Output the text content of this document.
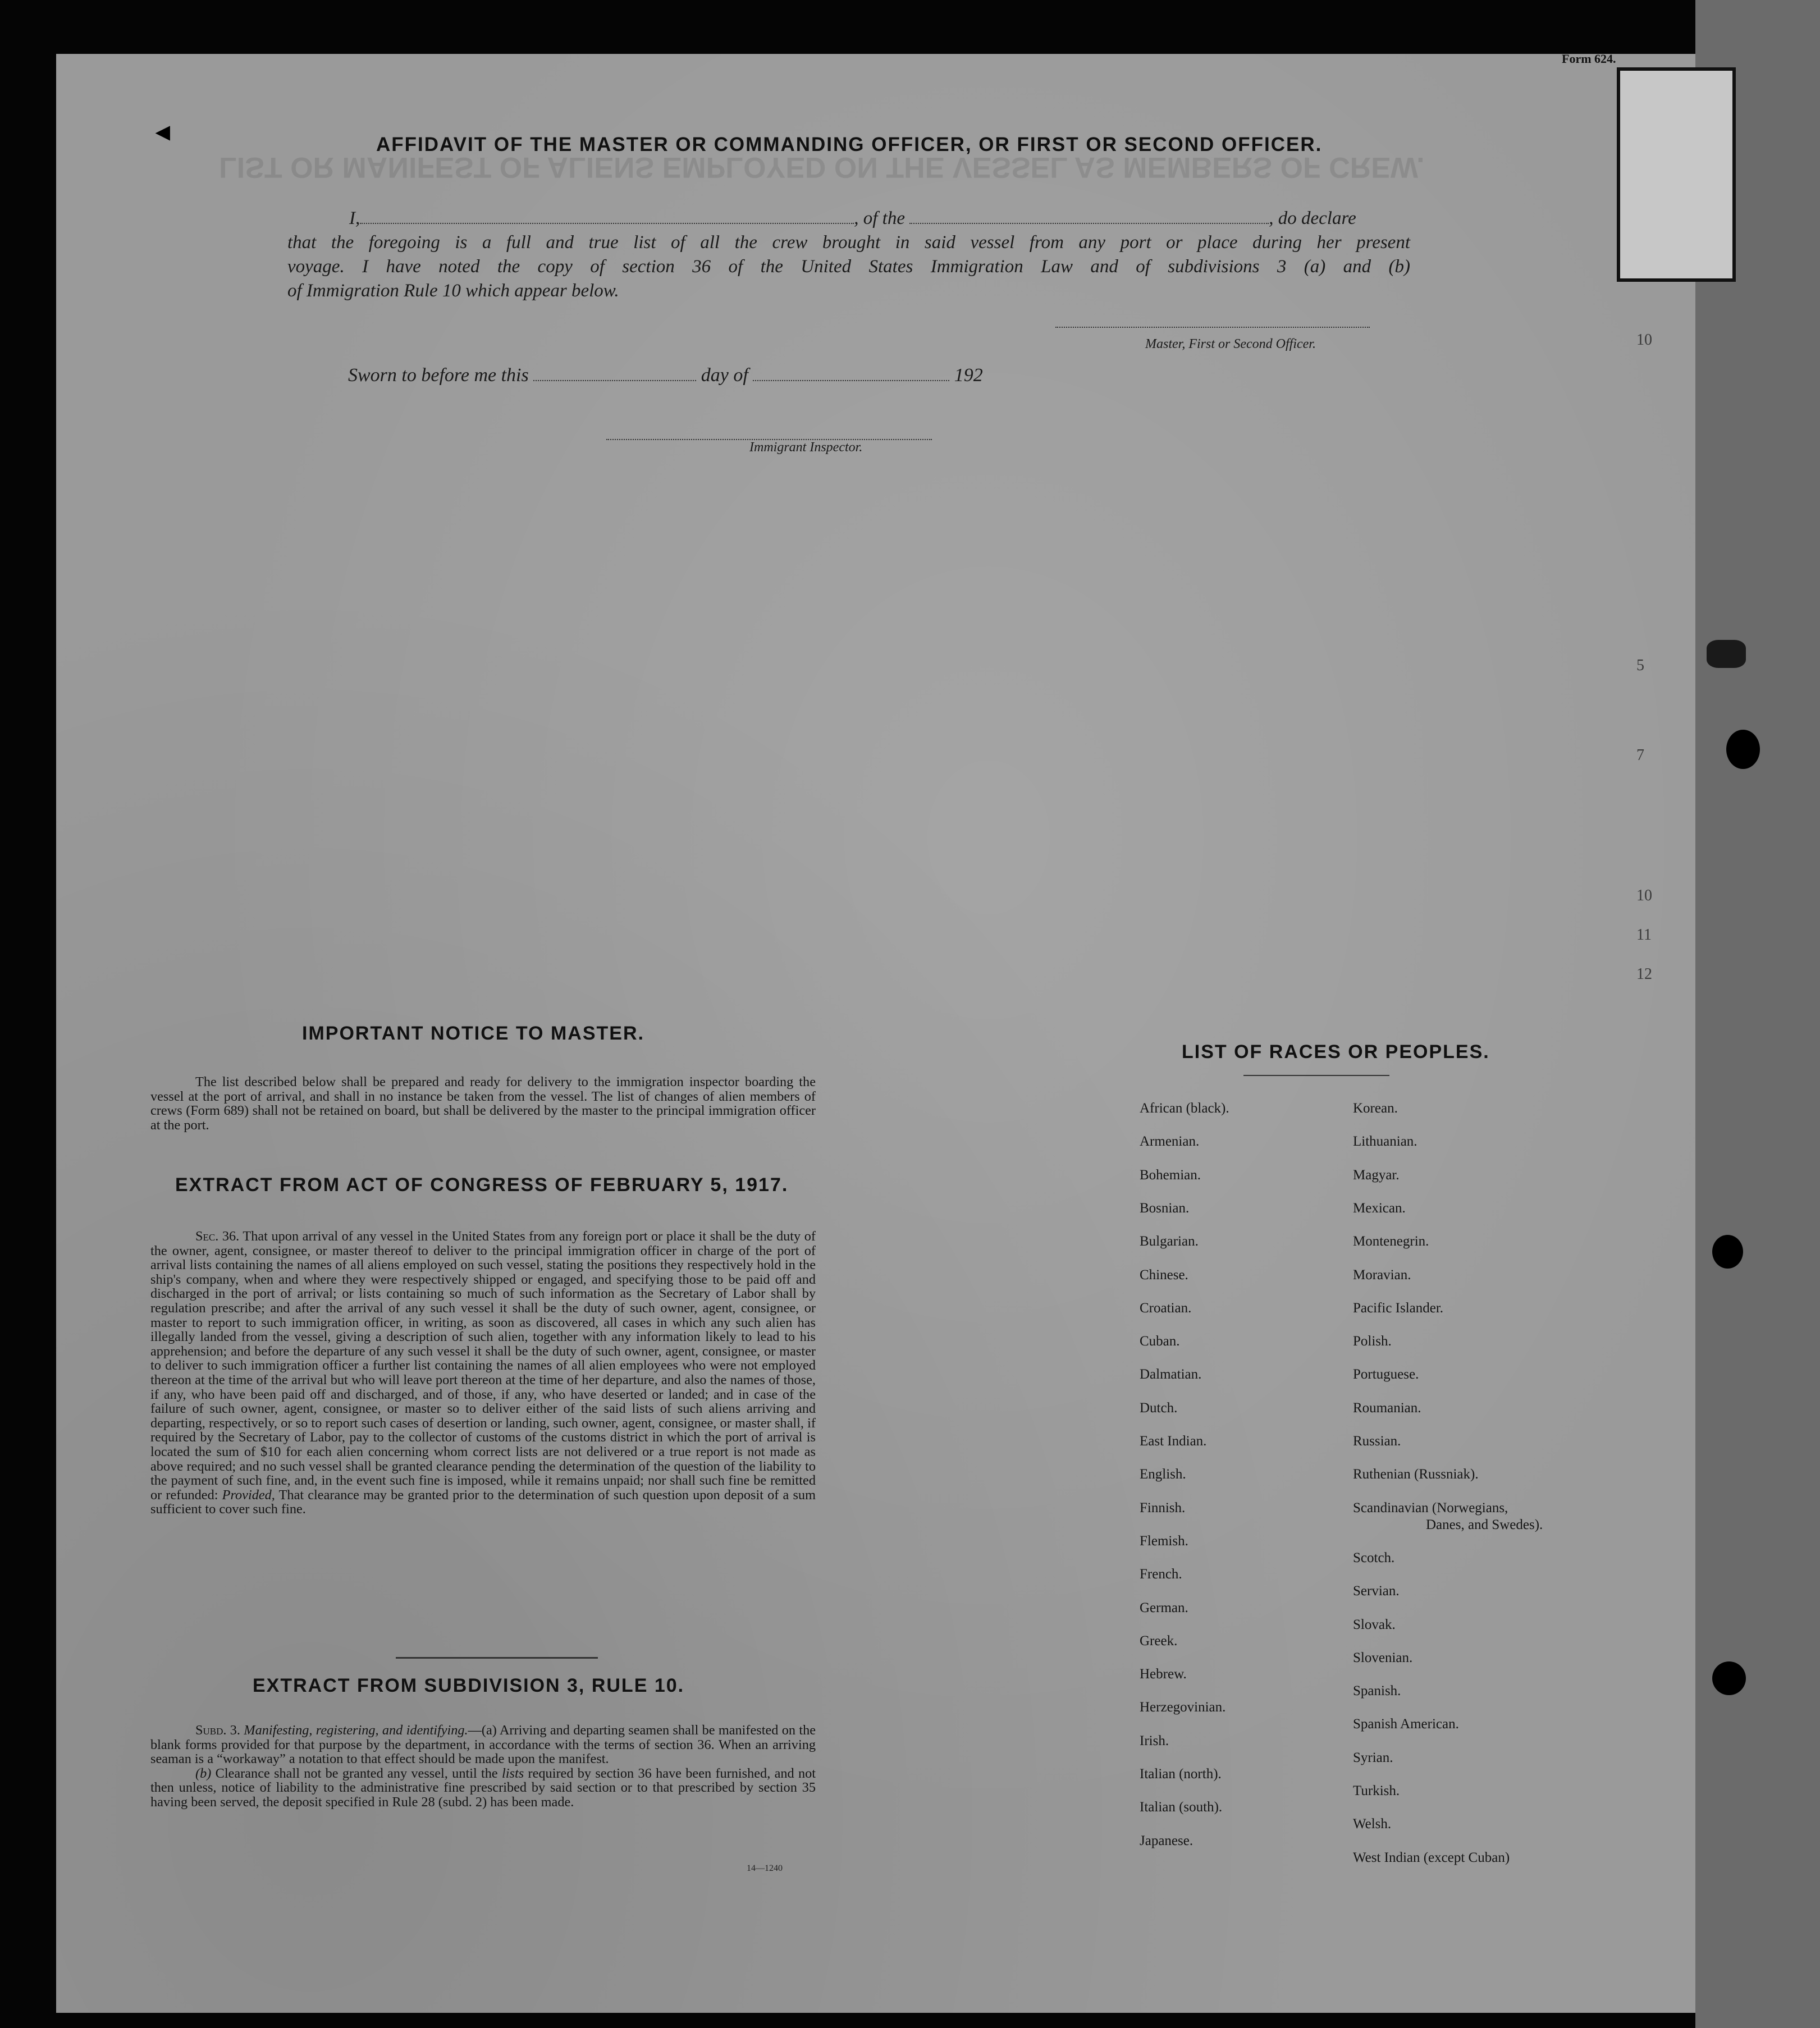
10
5
7
10
11
12
Form 624.
◄
LIST OR MANIFEST OF ALIENS EMPLOYED ON THE VESSEL AS MEMBERS OF CREW.
AFFIDAVIT OF THE MASTER OR COMMANDING OFFICER, OR FIRST OR SECOND OFFICER.

I,	, of the	, do declare

that the foregoing is a full and true list of all the crew brought in said vessel from any port or place during her present

voyage. I have noted the copy of section 36 of the United States Immigration Law and of subdivisions 3 (a) and (b)

of Immigration Rule 10 which appear below.

Master, First or Second Officer.
Sworn to before me this	day of	192
Immigrant Inspector.
IMPORTANT NOTICE TO MASTER.

The list described below shall be prepared and ready for delivery to the immigration inspector boarding the vessel at the port of arrival, and shall in no instance be taken from the vessel. The list of changes of alien members of crews (Form 689) shall not be retained on board, but shall be delivered by the master to the principal immigration officer at the port.

EXTRACT FROM ACT OF CONGRESS OF FEBRUARY 5, 1917.

Sec. 36. That upon arrival of any vessel in the United States from any foreign port or place it shall be the duty of the owner, agent, consignee, or master thereof to deliver to the principal immigration officer in charge of the port of arrival lists containing the names of all aliens employed on such vessel, stating the positions they respectively hold in the ship's company, when and where they were respectively shipped or engaged, and specifying those to be paid off and discharged in the port of arrival; or lists containing so much of such information as the Secretary of Labor shall by regulation prescribe; and after the arrival of any such vessel it shall be the duty of such owner, agent, consignee, or master to report to such immigration officer, in writing, as soon as discovered, all cases in which any such alien has illegally landed from the vessel, giving a description of such alien, together with any information likely to lead to his apprehension; and before the departure of any such vessel it shall be the duty of such owner, agent, consignee, or master to deliver to such immigration officer a further list containing the names of all alien employees who were not employed thereon at the time of the arrival but who will leave port thereon at the time of her departure, and also the names of those, if any, who have been paid off and discharged, and of those, if any, who have deserted or landed; and in case of the failure of such owner, agent, consignee, or master so to deliver either of the said lists of such aliens arriving and departing, respectively, or so to report such cases of desertion or landing, such owner, agent, consignee, or master shall, if required by the Secretary of Labor, pay to the collector of customs of the customs district in which the port of arrival is located the sum of $10 for each alien concerning whom correct lists are not delivered or a true report is not made as above required; and no such vessel shall be granted clearance pending the determination of the question of the liability to the payment of such fine, and, in the event such fine is imposed, while it remains unpaid; nor shall such fine be remitted or refunded: Provided, That clearance may be granted prior to the determination of such question upon deposit of a sum sufficient to cover such fine.

EXTRACT FROM SUBDIVISION 3, RULE 10.

Subd. 3. Manifesting, registering, and identifying.—(a) Arriving and departing seamen shall be manifested on the blank forms provided for that purpose by the department, in accordance with the terms of section 36. When an arriving seaman is a “workaway” a notation to that effect should be made upon the manifest.

(b) Clearance shall not be granted any vessel, until the lists required by section 36 have been furnished, and not then unless, notice of liability to the administrative fine prescribed by said section or to that prescribed by section 35 having been served, the deposit specified in Rule 28 (subd. 2) has been made.

14—1240
LIST OF RACES OR PEOPLES.
African (black).
Armenian.
Bohemian.
Bosnian.
Bulgarian.
Chinese.
Croatian.
Cuban.
Dalmatian.
Dutch.
East Indian.
English.
Finnish.
Flemish.
French.
German.
Greek.
Hebrew.
Herzegovinian.
Irish.
Italian (north).
Italian (south).
Japanese.
Korean.
Lithuanian.
Magyar.
Mexican.
Montenegrin.
Moravian.
Pacific Islander.
Polish.
Portuguese.
Roumanian.
Russian.
Ruthenian (Russniak).
Scandinavian (Norwegians,
Danes, and Swedes).
Scotch.
Servian.
Slovak.
Slovenian.
Spanish.
Spanish American.
Syrian.
Turkish.
Welsh.
West Indian (except Cuban)
